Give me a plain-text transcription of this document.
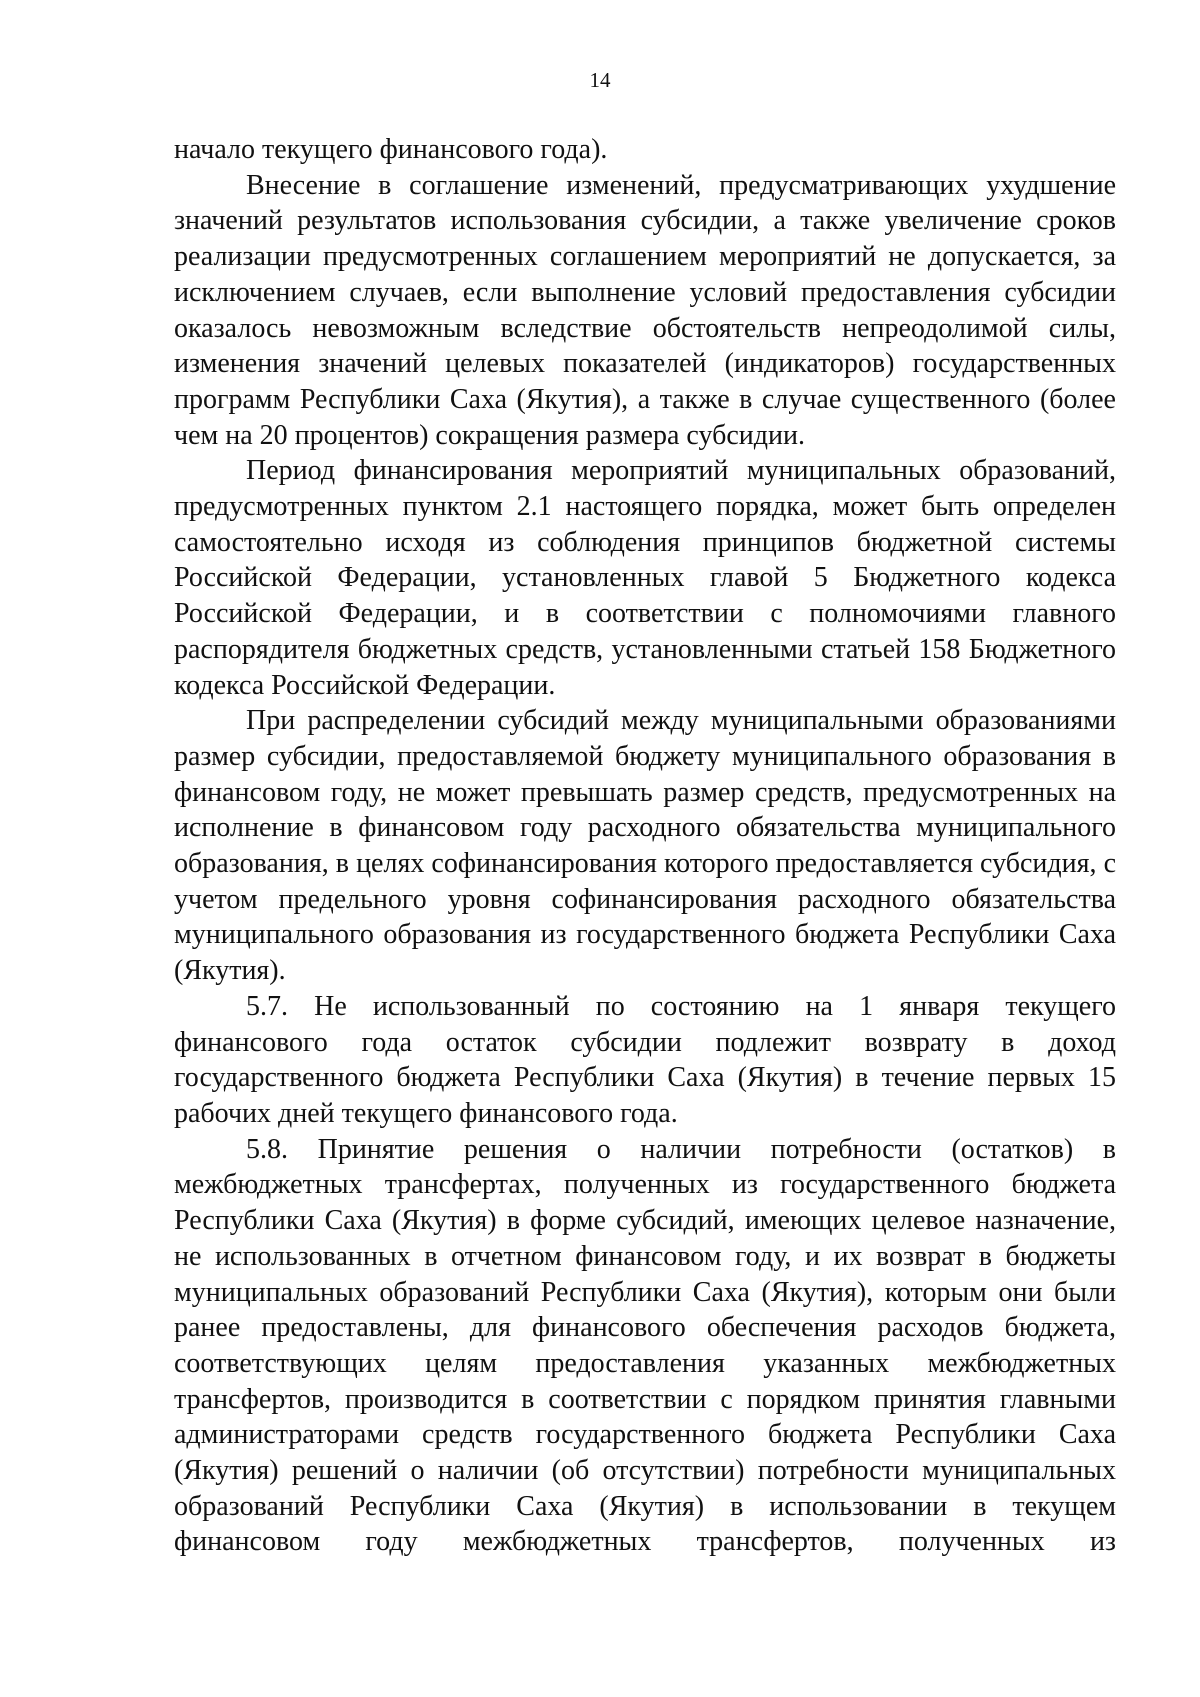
14

начало текущего финансового года).

Внесение в соглашение изменений, предусматривающих ухудшение значений результатов использования субсидии, а также увеличение сроков реализации предусмотренных соглашением мероприятий не допускается, за исключением случаев, если выполнение условий предоставления субсидии оказалось невозможным вследствие обстоятельств непреодолимой силы, изменения значений целевых показателей (индикаторов) государственных программ Республики Саха (Якутия), а также в случае существенного (более чем на 20 процентов) сокращения размера субсидии.

Период финансирования мероприятий муниципальных образований, предусмотренных пунктом 2.1 настоящего порядка, может быть определен самостоятельно исходя из соблюдения принципов бюджетной системы Российской Федерации, установленных главой 5 Бюджетного кодекса Российской Федерации, и в соответствии с полномочиями главного распорядителя бюджетных средств, установленными статьей 158 Бюджетного кодекса Российской Федерации.

При распределении субсидий между муниципальными образованиями размер субсидии, предоставляемой бюджету муниципального образования в финансовом году, не может превышать размер средств, предусмотренных на исполнение в финансовом году расходного обязательства муниципального образования, в целях софинансирования которого предоставляется субсидия, с учетом предельного уровня софинансирования расходного обязательства муниципального образования из государственного бюджета Республики Саха (Якутия).

5.7. Не использованный по состоянию на 1 января текущего финансового года остаток субсидии подлежит возврату в доход государственного бюджета Республики Саха (Якутия) в течение первых 15 рабочих дней текущего финансового года.

5.8. Принятие решения о наличии потребности (остатков) в межбюджетных трансфертах, полученных из государственного бюджета Республики Саха (Якутия) в форме субсидий, имеющих целевое назначение, не использованных в отчетном финансовом году, и их возврат в бюджеты муниципальных образований Республики Саха (Якутия), которым они были ранее предоставлены, для финансового обеспечения расходов бюджета, соответствующих целям предоставления указанных межбюджетных трансфертов, производится в соответствии с порядком принятия главными администраторами средств государственного бюджета Республики Саха (Якутия) решений о наличии (об отсутствии) потребности муниципальных образований Республики Саха (Якутия) в использовании в текущем финансовом году межбюджетных трансфертов, полученных из
